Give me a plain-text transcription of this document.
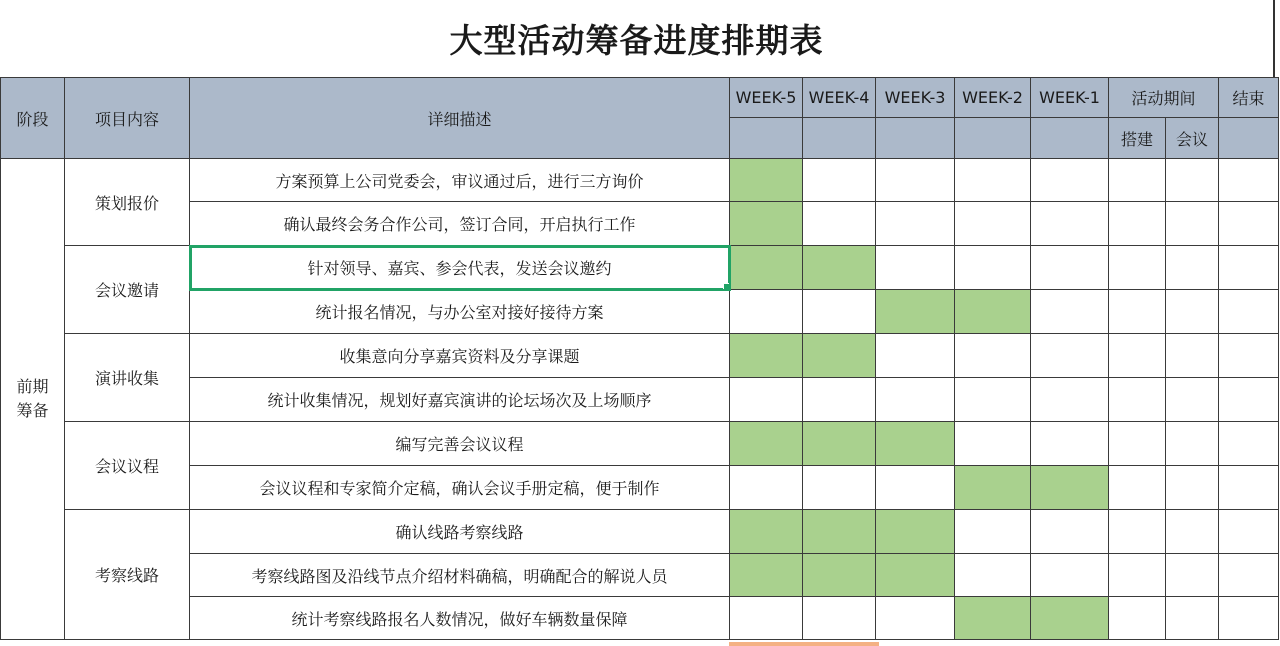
大型活动筹备进度排期表
阶段	项目内容	详细描述	WEEK-5	WEEK-4	WEEK-3	WEEK-2	WEEK-1	活动期间		结束
								搭建	会议	

前期
筹备	策划报价	方案预算上公司党委会，审议通过后，进行三方询价								
		确认最终会务合作公司，签订合同，开启执行工作								
	会议邀请	针对领导、嘉宾、参会代表，发送会议邀约

		统计报名情况，与办公室对接好接待方案								
	演讲收集	收集意向分享嘉宾资料及分享课题								
		统计收集情况，规划好嘉宾演讲的论坛场次及上场顺序								
	会议议程	编写完善会议议程								
		会议议程和专家简介定稿，确认会议手册定稿，便于制作								
	考察线路	确认线路考察线路								
		考察线路图及沿线节点介绍材料确稿，明确配合的解说人员								
		统计考察线路报名人数情况，做好车辆数量保障								
